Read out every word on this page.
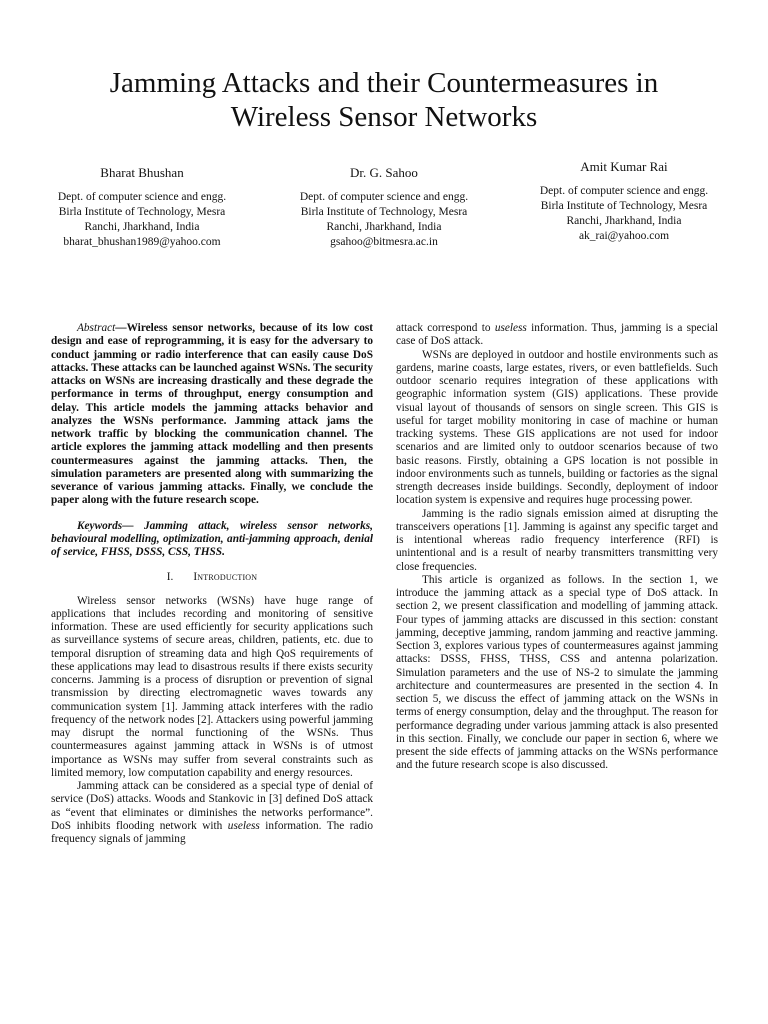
Jamming Attacks and their Countermeasures in
Wireless Sensor Networks
Bharat Bhushan
Dept. of computer science and engg.
Birla Institute of Technology, Mesra
Ranchi, Jharkhand, India
bharat_bhushan1989@yahoo.com
Dr. G. Sahoo
Dept. of computer science and engg.
Birla Institute of Technology, Mesra
Ranchi, Jharkhand, India
gsahoo@bitmesra.ac.in
Amit Kumar Rai
Dept. of computer science and engg.
Birla Institute of Technology, Mesra
Ranchi, Jharkhand, India
ak_rai@yahoo.com

Abstract—Wireless sensor networks, because of its low cost design and ease of reprogramming, it is easy for the adversary to conduct jamming or radio interference that can easily cause DoS attacks. These attacks can be launched against WSNs. The security attacks on WSNs are increasing drastically and these degrade the performance in terms of throughput, energy consumption and delay. This article models the jamming attacks behavior and analyzes the WSNs performance. Jamming attack jams the network traffic by blocking the communication channel. The article explores the jamming attack modelling and then presents countermeasures against the jamming attacks. Then, the simulation parameters are presented along with summarizing the severance of various jamming attacks. Finally, we conclude the paper along with the future research scope.

Keywords— Jamming attack, wireless sensor networks, behavioural modelling, optimization, anti-jamming approach, denial of service, FHSS, DSSS, CSS, THSS.

I. Introduction

Wireless sensor networks (WSNs) have huge range of applications that includes recording and monitoring of sensitive information. These are used efficiently for security applications such as surveillance systems of secure areas, children, patients, etc. due to temporal disruption of streaming data and high QoS requirements of these applications may lead to disastrous results if there exists security concerns. Jamming is a process of disruption or prevention of signal transmission by directing electromagnetic waves towards any communication system [1]. Jamming attack interferes with the radio frequency of the network nodes [2]. Attackers using powerful jamming may disrupt the normal functioning of the WSNs. Thus countermeasures against jamming attack in WSNs is of utmost importance as WSNs may suffer from several constraints such as limited memory, low computation capability and energy resources.

Jamming attack can be considered as a special type of denial of service (DoS) attacks. Woods and Stankovic in [3] defined DoS attack as “event that eliminates or diminishes the networks performance”. DoS inhibits flooding network with useless information. The radio frequency signals of jamming

attack correspond to useless information. Thus, jamming is a special case of DoS attack.

WSNs are deployed in outdoor and hostile environments such as gardens, marine coasts, large estates, rivers, or even battlefields. Such outdoor scenario requires integration of these applications with geographic information system (GIS) applications. These provide visual layout of thousands of sensors on single screen. This GIS is useful for target mobility monitoring in case of machine or human tracking systems. These GIS applications are not used for indoor scenarios and are limited only to outdoor scenarios because of two basic reasons. Firstly, obtaining a GPS location is not possible in indoor environments such as tunnels, building or factories as the signal strength decreases inside buildings. Secondly, deployment of indoor location system is expensive and requires huge processing power.

Jamming is the radio signals emission aimed at disrupting the transceivers operations [1]. Jamming is against any specific target and is intentional whereas radio frequency interference (RFI) is unintentional and is a result of nearby transmitters transmitting very close frequencies.

This article is organized as follows. In the section 1, we introduce the jamming attack as a special type of DoS attack. In section 2, we present classification and modelling of jamming attack. Four types of jamming attacks are discussed in this section: constant jamming, deceptive jamming, random jamming and reactive jamming. Section 3, explores various types of countermeasures against jamming attacks: DSSS, FHSS, THSS, CSS and antenna polarization. Simulation parameters and the use of NS-2 to simulate the jamming architecture and countermeasures are presented in the section 4. In section 5, we discuss the effect of jamming attack on the WSNs in terms of energy consumption, delay and the throughput. The reason for performance degrading under various jamming attack is also presented in this section. Finally, we conclude our paper in section 6, where we present the side effects of jamming attacks on the WSNs performance and the future research scope is also discussed.
